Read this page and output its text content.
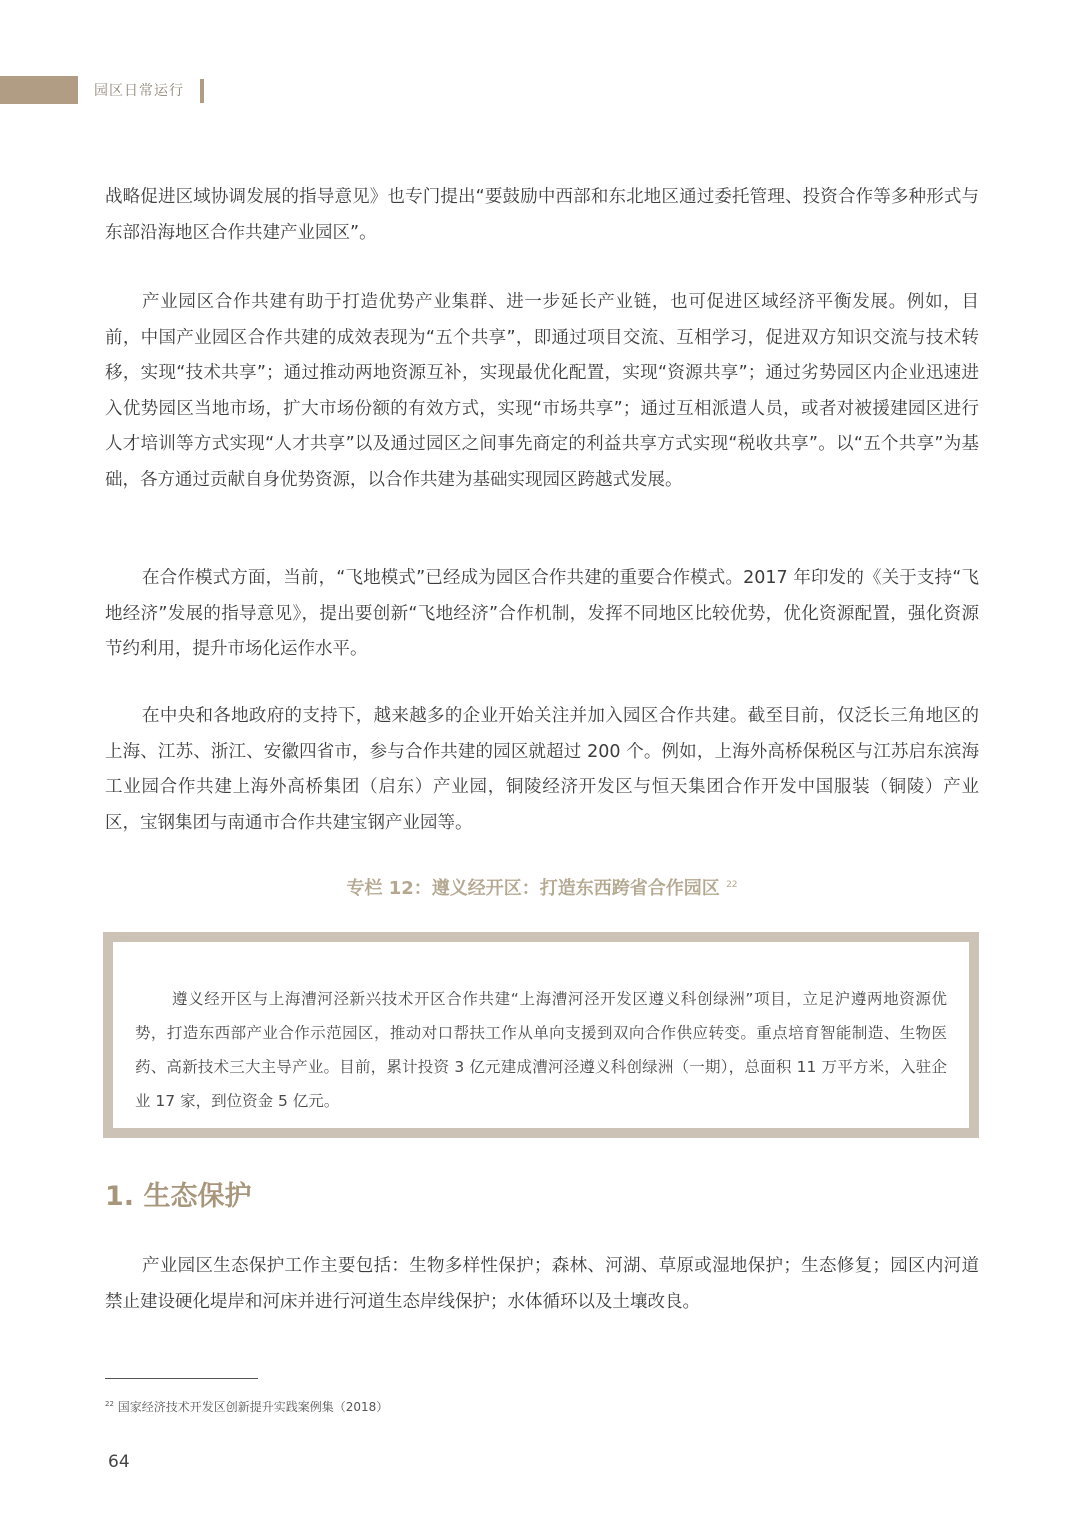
园区日常运行

战略促进区域协调发展的指导意见》也专门提出“要鼓励中西部和东北地区通过委托管理、投资合作等多种形式与东部沿海地区合作共建产业园区”。

产业园区合作共建有助于打造优势产业集群、进一步延长产业链，也可促进区域经济平衡发展。例如，目前，中国产业园区合作共建的成效表现为“五个共享”，即通过项目交流、互相学习，促进双方知识交流与技术转移，实现“技术共享”；通过推动两地资源互补，实现最优化配置，实现“资源共享”；通过劣势园区内企业迅速进入优势园区当地市场，扩大市场份额的有效方式，实现“市场共享”；通过互相派遣人员，或者对被援建园区进行人才培训等方式实现“人才共享”以及通过园区之间事先商定的利益共享方式实现“税收共享”。以“五个共享”为基础，各方通过贡献自身优势资源，以合作共建为基础实现园区跨越式发展。

在合作模式方面，当前，“飞地模式”已经成为园区合作共建的重要合作模式。2017 年印发的《关于支持“飞地经济”发展的指导意见》，提出要创新“飞地经济”合作机制，发挥不同地区比较优势，优化资源配置，强化资源节约利用，提升市场化运作水平。

在中央和各地政府的支持下，越来越多的企业开始关注并加入园区合作共建。截至目前，仅泛长三角地区的上海、江苏、浙江、安徽四省市，参与合作共建的园区就超过 200 个。例如，上海外高桥保税区与江苏启东滨海工业园合作共建上海外高桥集团（启东）产业园，铜陵经济开发区与恒天集团合作开发中国服装（铜陵）产业区，宝钢集团与南通市合作共建宝钢产业园等。

专栏 12：遵义经开区：打造东西跨省合作园区 $^{22}$

遵义经开区与上海漕河泾新兴技术开区合作共建“上海漕河泾开发区遵义科创绿洲”项目，立足沪遵两地资源优势，打造东西部产业合作示范园区，推动对口帮扶工作从单向支援到双向合作供应转变。重点培育智能制造、生物医药、高新技术三大主导产业。目前，累计投资 3 亿元建成漕河泾遵义科创绿洲（一期），总面积 11 万平方米，入驻企业 17 家，到位资金 5 亿元。

1. 生态保护

产业园区生态保护工作主要包括：生物多样性保护；森林、河湖、草原或湿地保护；生态修复；园区内河道禁止建设硬化堤岸和河床并进行河道生态岸线保护；水体循环以及土壤改良。

$^{22}$ 国家经济技术开发区创新提升实践案例集（2018）
64
